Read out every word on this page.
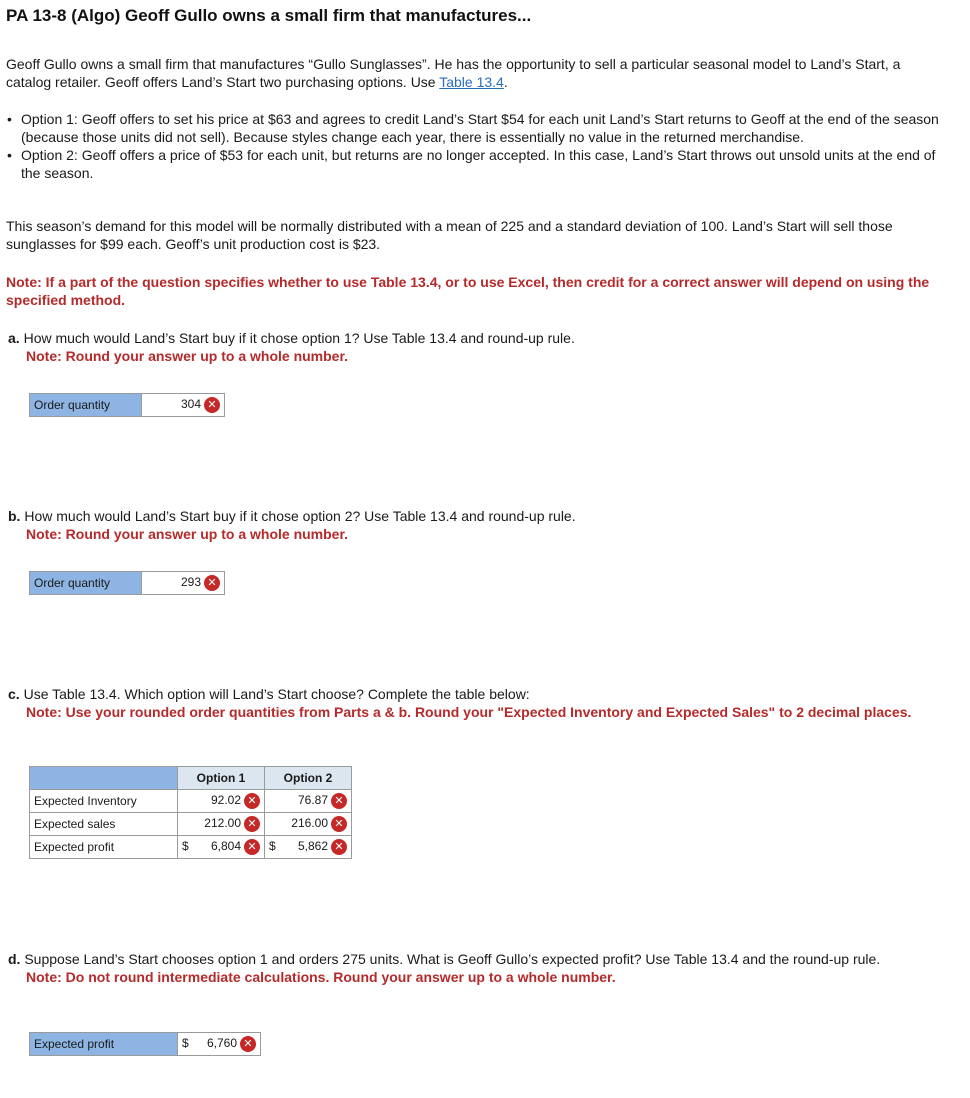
PA 13-8 (Algo) Geoff Gullo owns a small firm that manufactures...
Geoff Gullo owns a small firm that manufactures “Gullo Sunglasses”. He has the opportunity to sell a particular seasonal model to Land’s Start, a catalog retailer. Geoff offers Land’s Start two purchasing options. Use Table 13.4.
• Option 1: Geoff offers to set his price at $63 and agrees to credit Land’s Start $54 for each unit Land’s Start returns to Geoff at the end of the season (because those units did not sell). Because styles change each year, there is essentially no value in the returned merchandise.
• Option 2: Geoff offers a price of $53 for each unit, but returns are no longer accepted. In this case, Land’s Start throws out unsold units at the end of the season.
This season’s demand for this model will be normally distributed with a mean of 225 and a standard deviation of 100. Land’s Start will sell those sunglasses for $99 each. Geoff’s unit production cost is $23.
Note: If a part of the question specifies whether to use Table 13.4, or to use Excel, then credit for a correct answer will depend on using the specified method.
a. How much would Land’s Start buy if it chose option 1? Use Table 13.4 and round-up rule.
Note: Round your answer up to a whole number.
Order quantity	304 ✕
b. How much would Land’s Start buy if it chose option 2? Use Table 13.4 and round-up rule.
Note: Round your answer up to a whole number.
Order quantity	293 ✕
c. Use Table 13.4. Which option will Land’s Start choose? Complete the table below:
Note: Use your rounded order quantities from Parts a & b. Round your "Expected Inventory and Expected Sales" to 2 decimal places.
	Option 1	Option 2
Expected Inventory	92.02 ✕	76.87 ✕
Expected sales	212.00 ✕	216.00 ✕
Expected profit	$ 6,804 ✕	$ 5,862 ✕
d. Suppose Land’s Start chooses option 1 and orders 275 units. What is Geoff Gullo’s expected profit? Use Table 13.4 and the round-up rule.
Note: Do not round intermediate calculations. Round your answer up to a whole number.
Expected profit	$ 6,760 ✕
